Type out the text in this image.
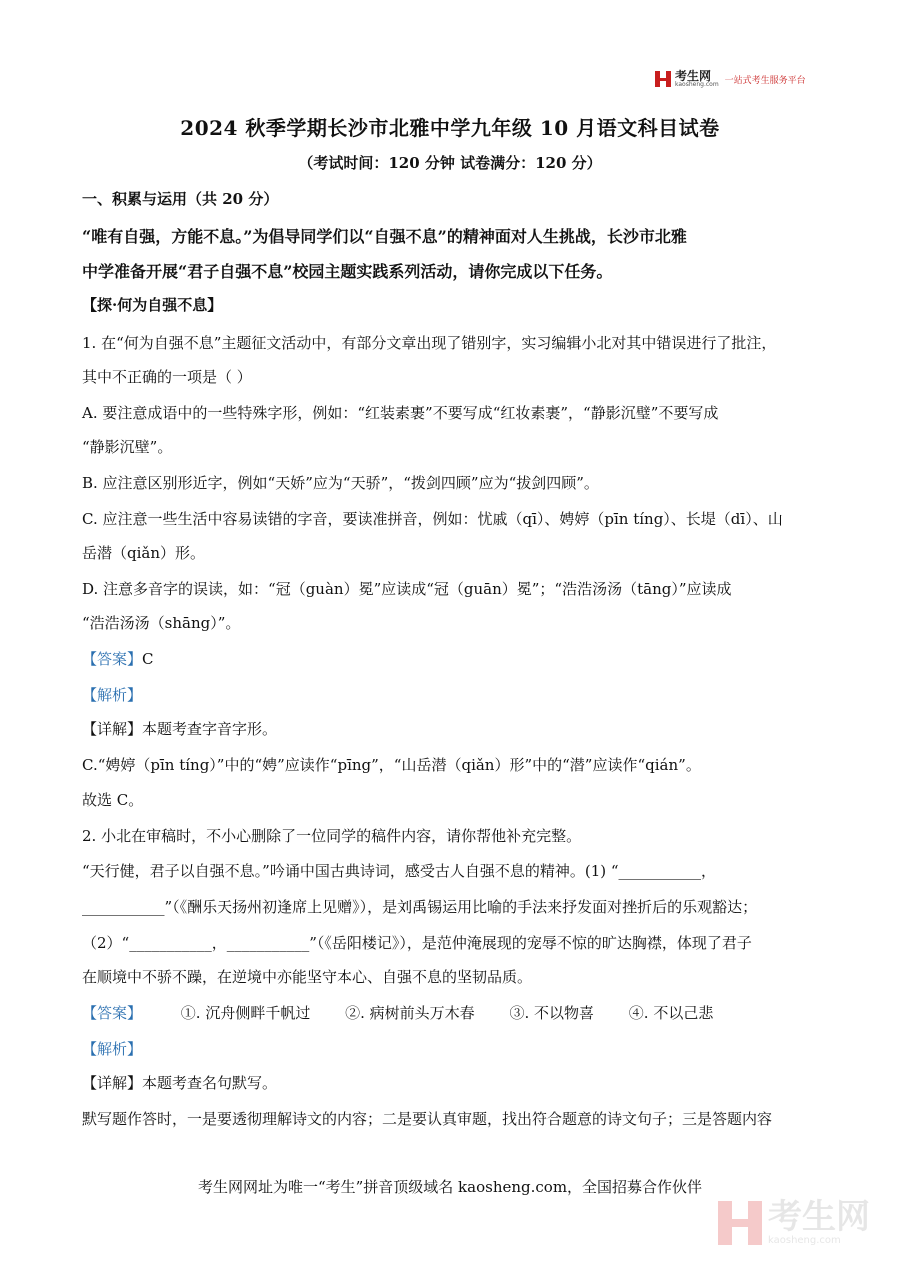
考生网
kaosheng.com 一站式考生服务平台
2024 秋季学期长沙市北雅中学九年级 10 月语文科目试卷
（考试时间：120 分钟 试卷满分：120 分）
一、积累与运用（共 20 分）
“唯有自强，方能不息。”为倡导同学们以“自强不息”的精神面对人生挑战，长沙市北雅
中学准备开展“君子自强不息”校园主题实践系列活动，请你完成以下任务。
【探·何为自强不息】
1. 在“何为自强不息”主题征文活动中，有部分文章出现了错别字，实习编辑小北对其中错误进行了批注，
其中不正确的一项是（ ）
A. 要注意成语中的一些特殊字形，例如：“红装素裹”不要写成“红妆素裹”，“静影沉璧”不要写成
“静影沉壁”。
B. 应注意区别形近字，例如“天娇”应为“天骄”，“拨剑四顾”应为“拔剑四顾”。
C. 应注意一些生活中容易读错的字音，要读准拼音，例如：忧戚（qī）、娉婷（pīn tíng）、长堤（dī）、山
岳潜（qiǎn）形。
D. 注意多音字的误读，如：“冠（guàn）冕”应读成“冠（guān）冕”；“浩浩汤汤（tāng）”应读成
“浩浩汤汤（shāng）”。
【答案】C
【解析】
【详解】本题考查字音字形。
C.“娉婷（pīn tíng）”中的“娉”应读作“pīng”，“山岳潜（qiǎn）形”中的“潜”应读作“qián”。
故选 C。
2. 小北在审稿时，不小心删除了一位同学的稿件内容，请你帮他补充完整。
“天行健，君子以自强不息。”吟诵中国古典诗词，感受古人自强不息的精神。(1) “___________，
___________”（《酬乐天扬州初逢席上见赠》），是刘禹锡运用比喻的手法来抒发面对挫折后的乐观豁达；
（2）“___________，___________”（《岳阳楼记》），是范仲淹展现的宠辱不惊的旷达胸襟，体现了君子
在顺境中不骄不躁，在逆境中亦能坚守本心、自强不息的坚韧品质。
【答案】	①. 沉舟侧畔千帆过 ②. 病树前头万木春 ③. 不以物喜 ④. 不以己悲
【解析】
【详解】本题考查名句默写。
默写题作答时，一是要透彻理解诗文的内容；二是要认真审题，找出符合题意的诗文句子；三是答题内容
考生网网址为唯一“考生”拼音顶级域名 kaosheng.com，全国招募合作伙伴
考生网
kaosheng.com
